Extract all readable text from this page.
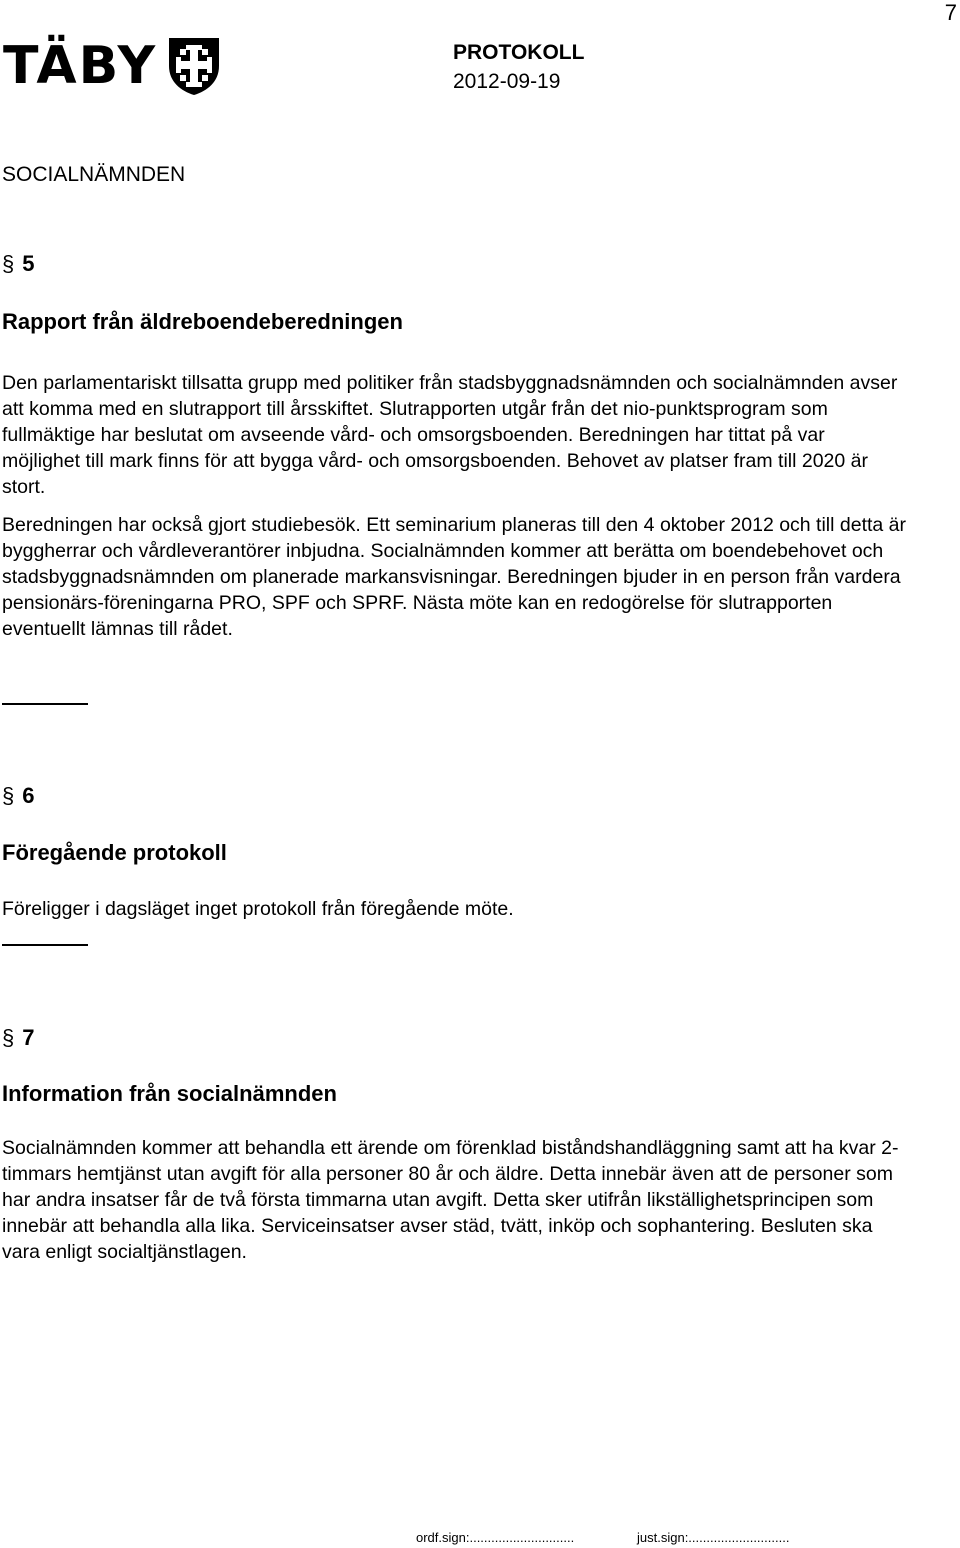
7
TÄBY	PROTOKOLL
2012-09-19
SOCIALNÄMNDEN
§ 5
Rapport från äldreboendeberedningen

Den parlamentariskt tillsatta grupp med politiker från stadsbyggnadsnämnden och socialnämnden avser att komma med en slutrapport till årsskiftet. Slutrapporten utgår från det nio-punktsprogram som fullmäktige har beslutat om avseende vård- och omsorgsboenden. Beredningen har tittat på var möjlighet till mark finns för att bygga vård- och omsorgsboenden. Behovet av platser fram till 2020 är stort.

Beredningen har också gjort studiebesök. Ett seminarium planeras till den 4 oktober 2012 och till detta är byggherrar och vårdleverantörer inbjudna. Socialnämnden kommer att berätta om boendebehovet och stadsbyggnadsnämnden om planerade markansvisningar. Beredningen bjuder in en person från vardera pensionärs-föreningarna PRO, SPF och SPRF. Nästa möte kan en redogörelse för slutrapporten eventuellt lämnas till rådet.

§ 6
Föregående protokoll

Föreligger i dagsläget inget protokoll från föregående möte.

§ 7
Information från socialnämnden

Socialnämnden kommer att behandla ett ärende om förenklad biståndshandläggning samt att ha kvar 2-timmars hemtjänst utan avgift för alla personer 80 år och äldre. Detta innebär även att de personer som har andra insatser får de två första timmarna utan avgift. Detta sker utifrån likställighetsprincipen som innebär att behandla alla lika. Serviceinsatser avser städ, tvätt, inköp och sophantering. Besluten ska vara enligt socialtjänstlagen.

ordf.sign:.............................	just.sign:............................
